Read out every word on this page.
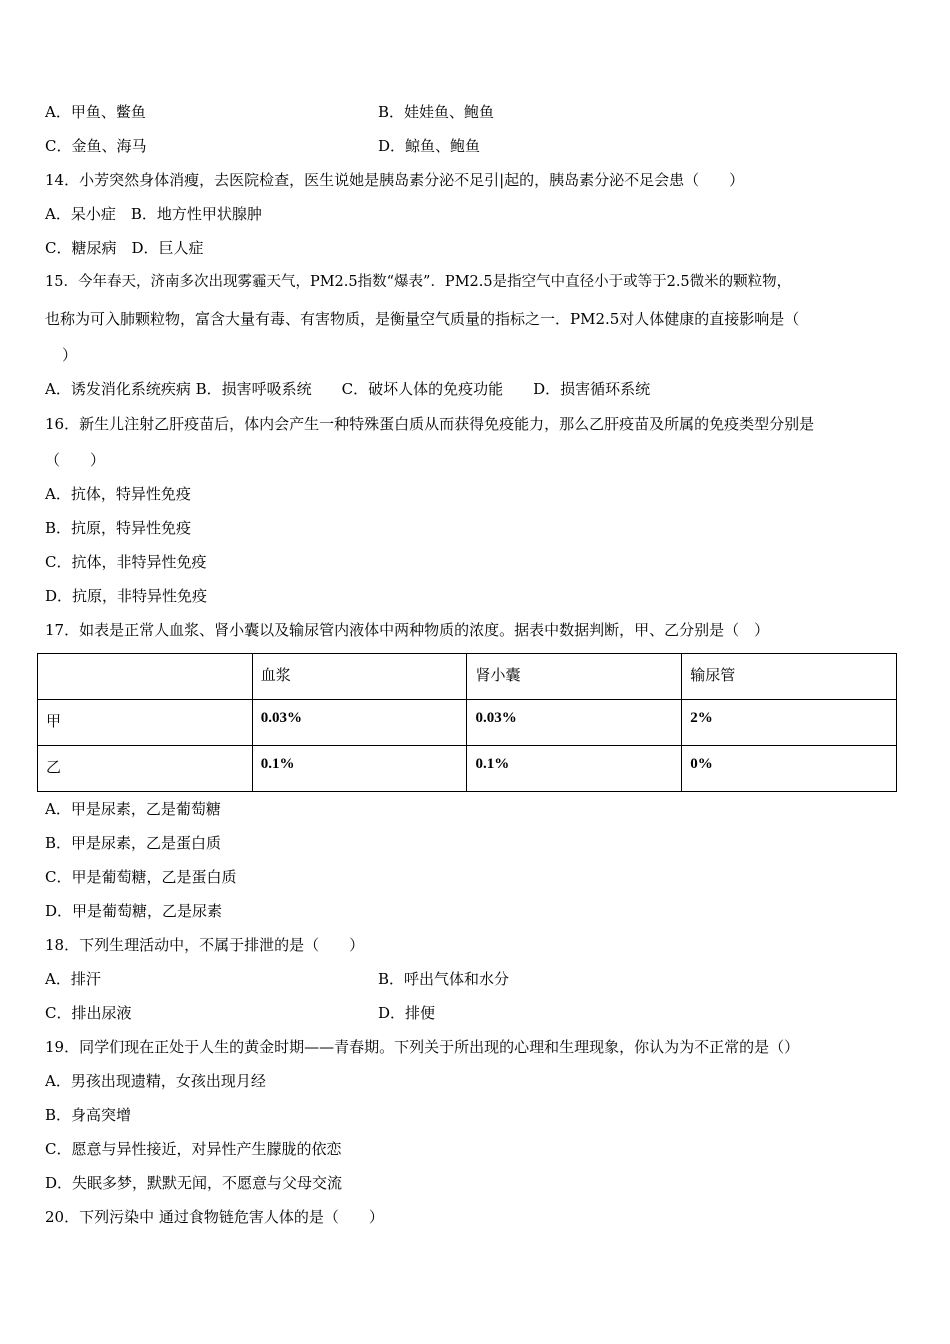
A．甲鱼、鳖鱼	B．娃娃鱼、鲍鱼
C．金鱼、海马	D．鲸鱼、鲍鱼
14．小芳突然身体消瘦，去医院检查，医生说她是胰岛素分泌不足引|起的，胰岛素分泌不足会患（　　）
A．呆小症　B．地方性甲状腺肿
C．糖尿病　D．巨人症
15．今年春天，济南多次出现雾霾天气，PM2.5指数“爆表”．PM2.5是指空气中直径小于或等于2.5微米的颗粒物，
也称为可入肺颗粒物，富含大量有毒、有害物质，是衡量空气质量的指标之一．PM2.5对人体健康的直接影响是（
）
A．诱发消化系统疾病 B．损害呼吸系统　　C．破坏人体的免疫功能　　D．损害循环系统
16．新生儿注射乙肝疫苗后，体内会产生一种特殊蛋白质从而获得免疫能力，那么乙肝疫苗及所属的免疫类型分别是
（　　）
A．抗体，特异性免疫
B．抗原，特异性免疫
C．抗体，非特异性免疫
D．抗原，非特异性免疫
17．如表是正常人血浆、肾小囊以及输尿管内液体中两种物质的浓度。据表中数据判断，甲、乙分别是（　）
	血浆	肾小囊	输尿管
甲	0.03%	0.03%	2%
乙	0.1%	0.1%	0%
A．甲是尿素，乙是葡萄糖
B．甲是尿素，乙是蛋白质
C．甲是葡萄糖，乙是蛋白质
D．甲是葡萄糖，乙是尿素
18．下列生理活动中，不属于排泄的是（　　）
A．排汗	B．呼出气体和水分
C．排出尿液	D．排便
19．同学们现在正处于人生的黄金时期——青春期。下列关于所出现的心理和生理现象，你认为为不正常的是（）
A．男孩出现遗精，女孩出现月经
B．身高突增
C．愿意与异性接近，对异性产生朦胧的依恋
D．失眠多梦，默默无闻，不愿意与父母交流
20．下列污染中 通过食物链危害人体的是（　　）
